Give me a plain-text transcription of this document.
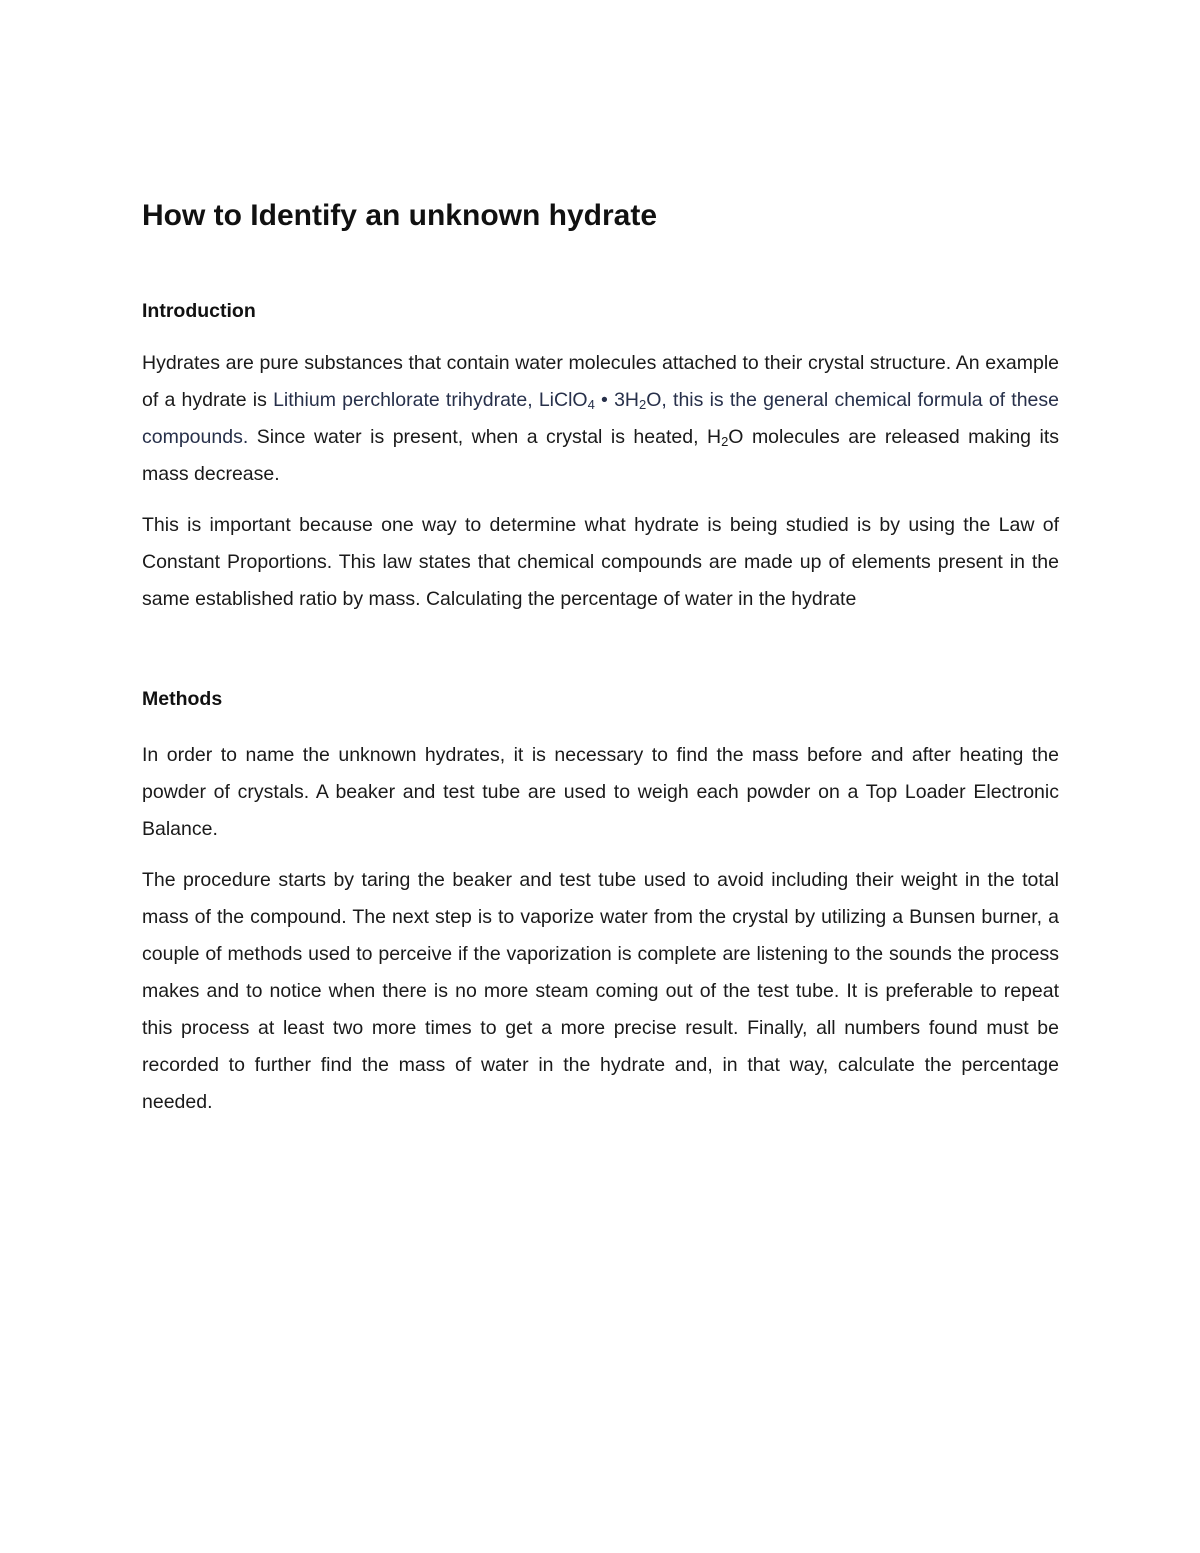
How to Identify an unknown hydrate
Introduction

Hydrates are pure substances that contain water molecules attached to their crystal structure. An example of a hydrate is Lithium perchlorate trihydrate, LiClO$_4$ • $3H_2O$, this is the general chemical formula of these compounds. Since water is present, when a crystal is heated, $H_2O$ molecules are released making its mass decrease.

This is important because one way to determine what hydrate is being studied is by using the Law of Constant Proportions. This law states that chemical compounds are made up of elements present in the same established ratio by mass. Calculating the percentage of water in the hydrate

Methods

In order to name the unknown hydrates, it is necessary to find the mass before and after heating the powder of crystals. A beaker and test tube are used to weigh each powder on a Top Loader Electronic Balance.

The procedure starts by taring the beaker and test tube used to avoid including their weight in the total mass of the compound. The next step is to vaporize water from the crystal by utilizing a Bunsen burner, a couple of methods used to perceive if the vaporization is complete are listening to the sounds the process makes and to notice when there is no more steam coming out of the test tube. It is preferable to repeat this process at least two more times to get a more precise result. Finally, all numbers found must be recorded to further find the mass of water in the hydrate and, in that way, calculate the percentage needed.
